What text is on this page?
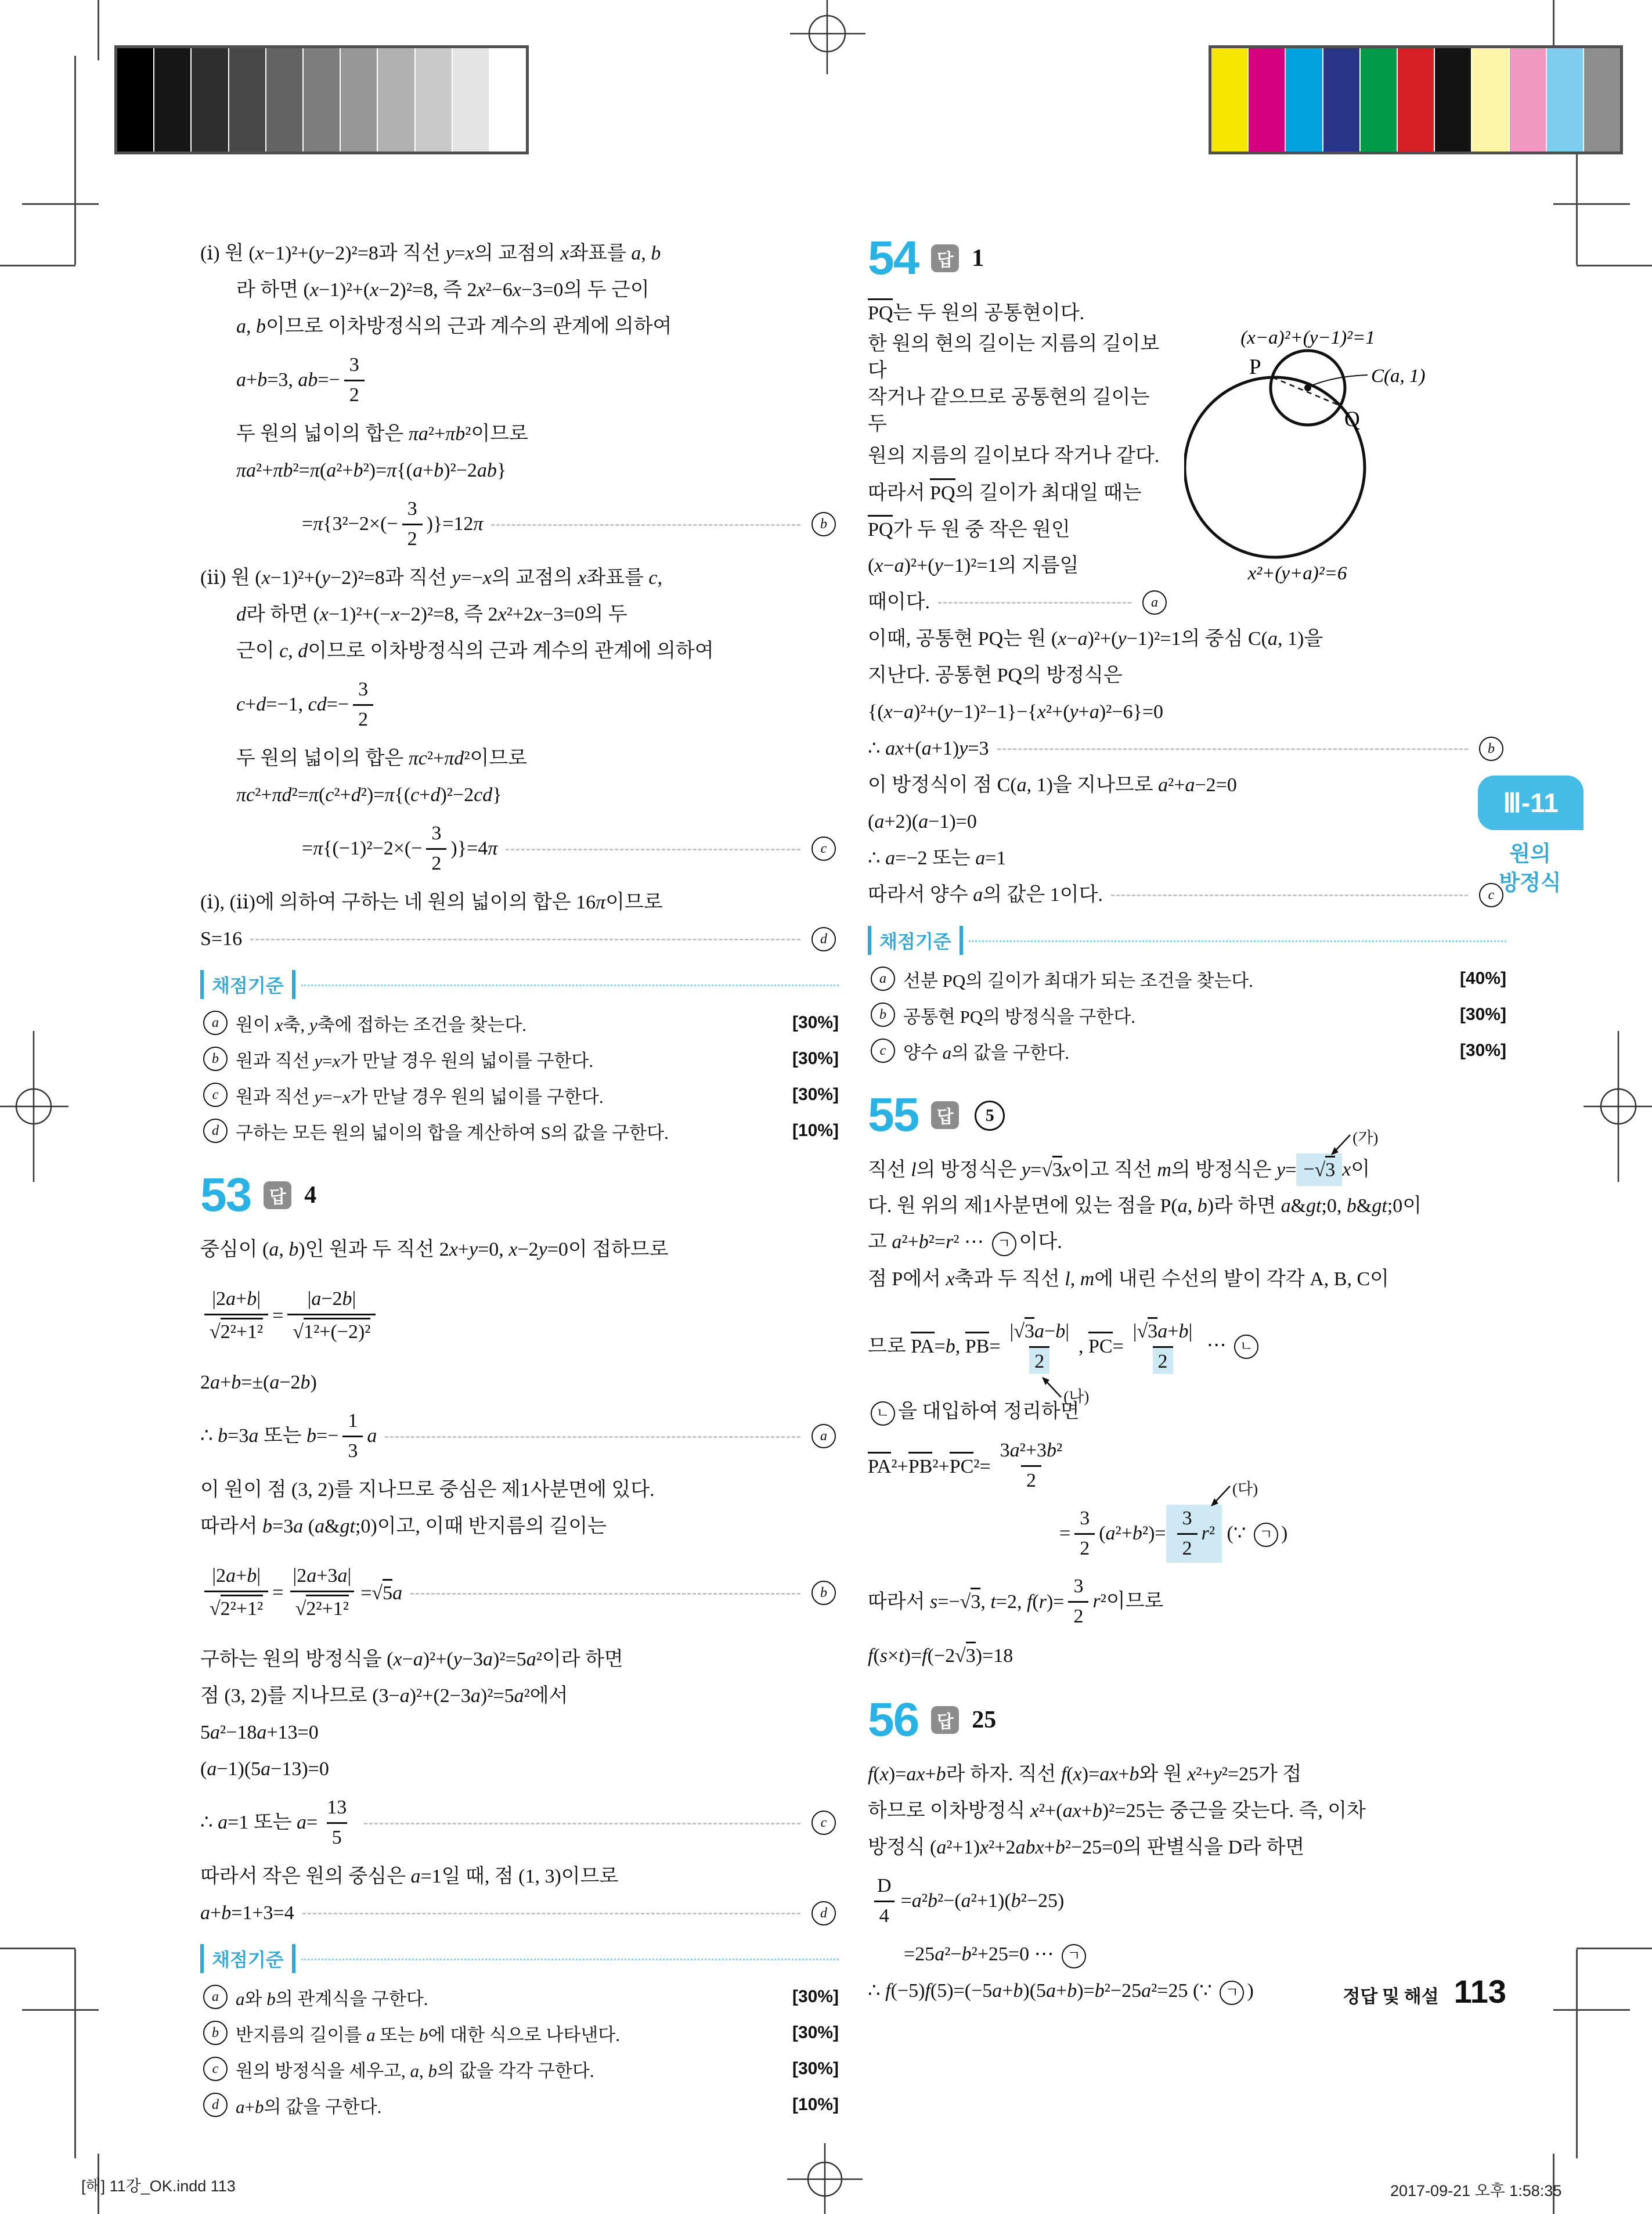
(ⅰ) 원 (x−1)²+(y−2)²=8과 직선 y=x의 교점의 x좌표를 a, b
라 하면 (x−1)²+(x−2)²=8, 즉 2x²−6x−3=0의 두 근이
a, b이므로 이차방정식의 근과 계수의 관계에 의하여
a+b=3, $ab=- \frac{3}{2}$
두 원의 넓이의 합은 πa²+πb²이므로
πa²+πb²=π(a²+b²)=π{(a+b)²−2ab}
$=\pi\{3^2-2\times(- \frac{3}{2} )\}=12\pi$	b
(ⅱ) 원 (x−1)²+(y−2)²=8과 직선 y=−x의 교점의 x좌표를 c,
d라 하면 (x−1)²+(−x−2)²=8, 즉 2x²+2x−3=0의 두
근이 c, d이므로 이차방정식의 근과 계수의 관계에 의하여
c+d=−1, $cd=- \frac{3}{2}$
두 원의 넓이의 합은 πc²+πd²이므로
πc²+πd²=π(c²+d²)=π{(c+d)²−2cd}
$=\pi\{(-1)^2-2\times(- \frac{3}{2} )\}=4\pi$	c
(ⅰ), (ⅱ)에 의하여 구하는 네 원의 넓이의 합은 16π이므로
S=16	d
채점기준
a 원이 x축, y축에 접하는 조건을 찾는다.	[30%]
b 원과 직선 y=x가 만날 경우 원의 넓이를 구한다.	[30%]
c 원과 직선 y=−x가 만날 경우 원의 넓이를 구한다.	[30%]
d 구하는 모든 원의 넓이의 합을 계산하여 S의 값을 구한다.	[10%]
53	답 4
중심이 (a, b)인 원과 두 직선 2x+y=0, x−2y=0이 접하므로
$\frac{|2a+b|}{\text{√2²+1²}} = \frac{|a-2b|}{\text{√1²+(−2)²}}$
2a+b=±(a−2b)
∴ b=3a 또는 $b=- \frac{1}{3}$ a	a
이 원이 점 (3, 2)를 지나므로 중심은 제1사분면에 있다.
따라서 b=3a (a&gt;0)이고, 이때 반지름의 길이는
$\frac{|2a+b|}{\text{√2²+1²}} = \frac{|2a+3a|}{\text{√2²+1²}} =√5a$	b
구하는 원의 방정식을 (x−a)²+(y−3a)²=5a²이라 하면
점 (3, 2)를 지나므로 (3−a)²+(2−3a)²=5a²에서
5a²−18a+13=0
(a−1)(5a−13)=0
∴ a=1 또는 $a= \frac{13}{5}$	c
따라서 작은 원의 중심은 a=1일 때, 점 (1, 3)이므로
a+b=1+3=4	d
채점기준
a a와 b의 관계식을 구한다.	[30%]
b 반지름의 길이를 a 또는 b에 대한 식으로 나타낸다.	[30%]
c 원의 방정식을 세우고, a, b의 값을 각각 구한다.	[30%]
d a+b의 값을 구한다.	[10%]
54	답 1
PQ는 두 원의 공통현이다.
한 원의 현의 길이는 지름의 길이보다
작거나 같으므로 공통현의 길이는 두
원의 지름의 길이보다 작거나 같다.
따라서 PQ의 길이가 최대일 때는
PQ가 두 원 중 작은 원인
(x−a)²+(y−1)²=1의 지름일
때이다.	a
이때, 공통현 PQ는 원 (x−a)²+(y−1)²=1의 중심 C(a, 1)을
지난다. 공통현 PQ의 방정식은
{(x−a)²+(y−1)²−1}−{x²+(y+a)²−6}=0
∴ ax+(a+1)y=3	b
이 방정식이 점 C(a, 1)을 지나므로 a²+a−2=0
(a+2)(a−1)=0
∴ a=−2 또는 a=1
따라서 양수 a의 값은 1이다.	c
(x−a)²+(y−1)²=1
P	C(a, 1)
Q
x²+(y+a)²=6
채점기준
a 선분 PQ의 길이가 최대가 되는 조건을 찾는다.	[40%]
b 공통현 PQ의 방정식을 구한다.	[30%]
c 양수 a의 값을 구한다.	[30%]
55	답	5
직선 l의 방정식은 y=√3x이고 직선 m의 방정식은 y= − √3
(가)
x이
다. 원 위의 제1사분면에 있는 점을 P(a, b)라 하면 a&gt;0, b&gt;0이
고 a²+b²=r² ⋯ ㄱ 이다.
점 P에서 x축과 두 직선 l, m에 내린 수선의 발이 각각 A, B, C이
므로 PA=b, PB= |√3a−b|
2
(나) , $PC= \frac{|√3a+b|}{2}$ ⋯ ㄴ
ㄴ 을 대입하여 정리하면
$PA^2+PB^2+PC^2= \frac{\text{3a²+3b²}}{2}$
= $\frac{3}{2} (a^2+b^2)= \frac{3}{2}$ r ²
(다)
(∵ ㄱ )
따라서 s=−√3, t=2, $f(r)= \frac{3}{2} r^2$이므로
f(s×t)=f(−2√3)=18
56	답 25
f(x)=ax+b라 하자. 직선 f(x)=ax+b와 원 x²+y²=25가 접
하므로 이차방정식 x²+(ax+b)²=25는 중근을 갖는다. 즉, 이차
방정식 (a²+1)x²+2abx+b²−25=0의 판별식을 D라 하면
$\frac{D}{4} =a^2b^2-(a^2+1)(b^2-25)$
=25a²−b²+25=0 ⋯ ㄱ
∴ f(−5)f(5)=(−5a+b)(5a+b)=b²−25a²=25 (∵ ㄱ )
Ⅲ-11
원의
방정식
정답 및 해설 113
[해] 11강_OK.indd 113	2017-09-21 오후 1:58:35
